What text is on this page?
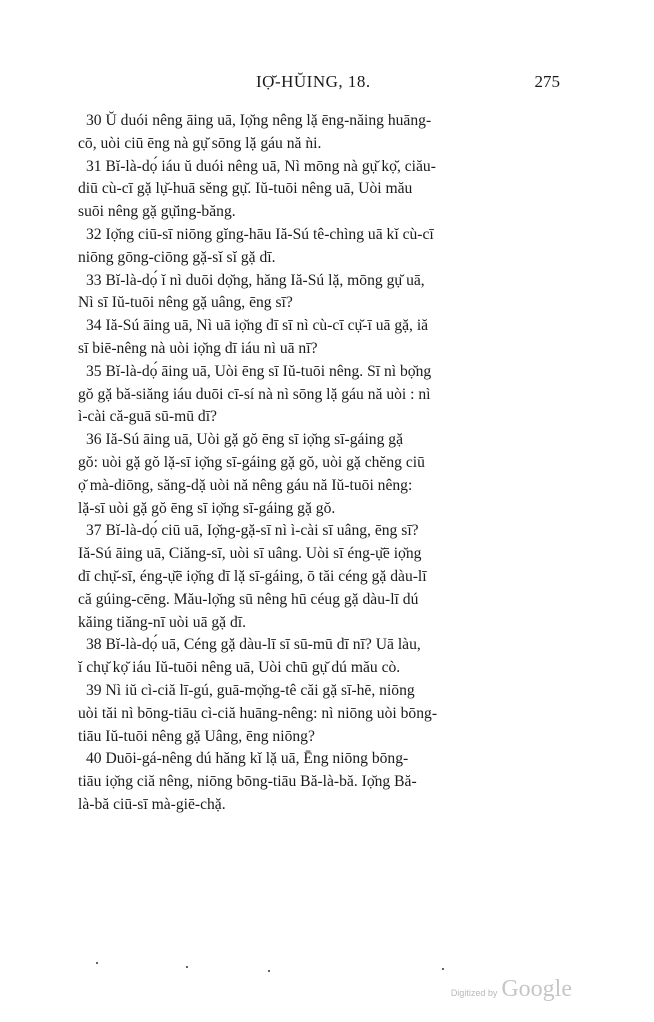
IỌ̆-HŬING, 18.	275
30 Ŭ duói nêng āing uā, Iọ̆ng nêng lặ ēng-năing huāng-
cō, uòi ciū ēng nà gụ̆ sōng lặ gáu nă ǹi.
31 Bĭ-là-dọ́ iáu ŭ duói nêng uā, Nì mōng nà gụ̆ kọ̆, ciău-
diū cù-cī gặ lụ̆-huā sĕng gụ̆. Iŭ-tuōi nêng uā, Uòi mău
suōi nêng gặ gụ̆ing-băng.
32 Iọ̆ng ciū-sī niōng gĭng-hāu Iă-Sú tê-chìng uā kĭ cù-cī
niōng gōng-ciōng gặ-sĭ sĭ gặ dī.
33 Bĭ-là-dọ́ ĭ nì duōi dọ̆ng, hăng Iă-Sú lặ, mōng gụ̆ uā,
Nì sī Iŭ-tuōi nêng gặ uâng, ēng sī?
34 Iă-Sú āing uā, Nì uā iọ̆ng dī sī nì cù-cī cụ̆-ī uā gặ, iă
sī biē-nêng nà uòi iọ̆ng dī iáu nì uā nī?
35 Bĭ-là-dọ́ āing uā, Uòi ēng sī Iŭ-tuōi nêng. Sī nì bọ̆ng
gŏ gặ bă-siăng iáu duōi cī-sí nà nì sōng lặ gáu nă uòi : nì
ì-cài că-guā sū-mū dī?
36 Iă-Sú āing uā, Uòi gặ gŏ ēng sī iọ̆ng sī-gáing gặ
gŏ: uòi gặ gŏ lặ-sī iọ̆ng sī-gáing gặ gŏ, uòi gặ chĕng ciū
ọ̆ mà-diōng, săng-dặ uòi nă nêng gáu nă Iŭ-tuōi nêng:
lặ-sī uòi gặ gŏ ēng sī iọ̆ng sī-gáing gặ gŏ.
37 Bĭ-là-dọ́ ciū uā, Iọ̆ng-gặ-sī nì ì-cài sī uâng, ēng sī?
Iă-Sú āing uā, Ciăng-sī, uòi sī uâng. Uòi sī éng-ụ̆ē iọ̆ng
dī chụ̆-sī, éng-ụ̆ē iọ̆ng dī lặ sī-gáing, ō tăi céng gặ dàu-lī
că gúing-cēng. Mău-lọ̆ng sū nêng hū céug gặ dàu-lī dú
kăing tiăng-nī uòi uā gặ dī.
38 Bĭ-là-dọ́ uā, Céng gặ dàu-lī sī sū-mū dī nī? Uā làu,
ĭ chụ̆ kọ̆ iáu Iŭ-tuōi nêng uā, Uòi chū gụ̆ dú mău cò.
39 Nì iŭ cì-ciă lī-gú, guā-mọ̆ng-tê căi gặ sī-hē, niōng
uòi tăi nì bōng-tiāu cì-ciă huāng-nêng: nì niōng uòi bōng-
tiāu Iŭ-tuōi nêng gặ Uâng, ēng niōng?
40 Duōi-gá-nêng dú hăng kĭ lặ uā, Ēng niōng bōng-
tiāu iọ̆ng ciă nêng, niōng bōng-tiāu Bă-là-bă. Iọ̆ng Bă-
là-bă ciū-sī mà-giē-chặ.
Digitized by Google
